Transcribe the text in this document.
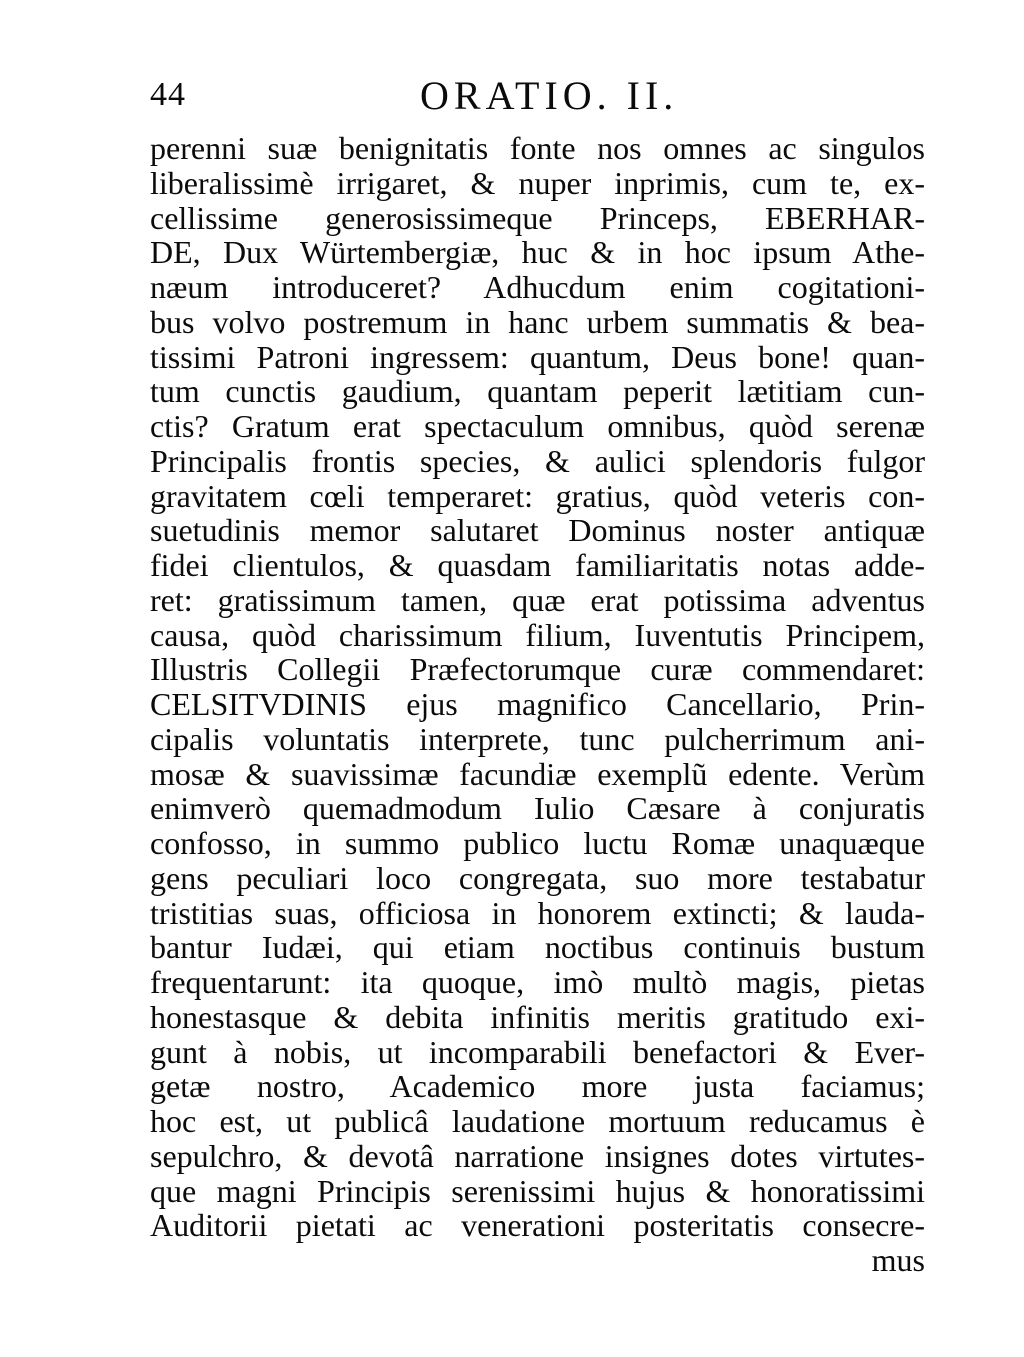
44	ORATIO. II.
perenni suæ benignitatis fonte nos omnes ac singulos
liberalissimè irrigaret, & nuper inprimis, cum te, ex-
cellissime generosissimeque Princeps, EBERHAR-
DE, Dux Würtembergiæ, huc & in hoc ipsum Athe-
næum introduceret? Adhucdum enim cogitationi-
bus volvo postremum in hanc urbem summatis & bea-
tissimi Patroni ingressem: quantum, Deus bone! quan-
tum cunctis gaudium, quantam peperit lætitiam cun-
ctis? Gratum erat spectaculum omnibus, quòd serenæ
Principalis frontis species, & aulici splendoris fulgor
gravitatem cœli temperaret: gratius, quòd veteris con-
suetudinis memor salutaret Dominus noster antiquæ
fidei clientulos, & quasdam familiaritatis notas adde-
ret: gratissimum tamen, quæ erat potissima adventus
causa, quòd charissimum filium, Iuventutis Principem,
Illustris Collegii Præfectorumque curæ commendaret:
CELSITVDINIS ejus magnifico Cancellario, Prin-
cipalis voluntatis interprete, tunc pulcherrimum ani-
mosæ & suavissimæ facundiæ exemplũ edente. Verùm
enimverò quemadmodum Iulio Cæsare à conjuratis
confosso, in summo publico luctu Romæ unaquæque
gens peculiari loco congregata, suo more testabatur
tristitias suas, officiosa in honorem extincti; & lauda-
bantur Iudæi, qui etiam noctibus continuis bustum
frequentarunt: ita quoque, imò multò magis, pietas
honestasque & debita infinitis meritis gratitudo exi-
gunt à nobis, ut incomparabili benefactori & Ever-
getæ nostro, Academico more justa faciamus;
hoc est, ut publicâ laudatione mortuum reducamus è
sepulchro, & devotâ narratione insignes dotes virtutes-
que magni Principis serenissimi hujus & honoratissimi
Auditorii pietati ac venerationi posteritatis consecre-
mus
